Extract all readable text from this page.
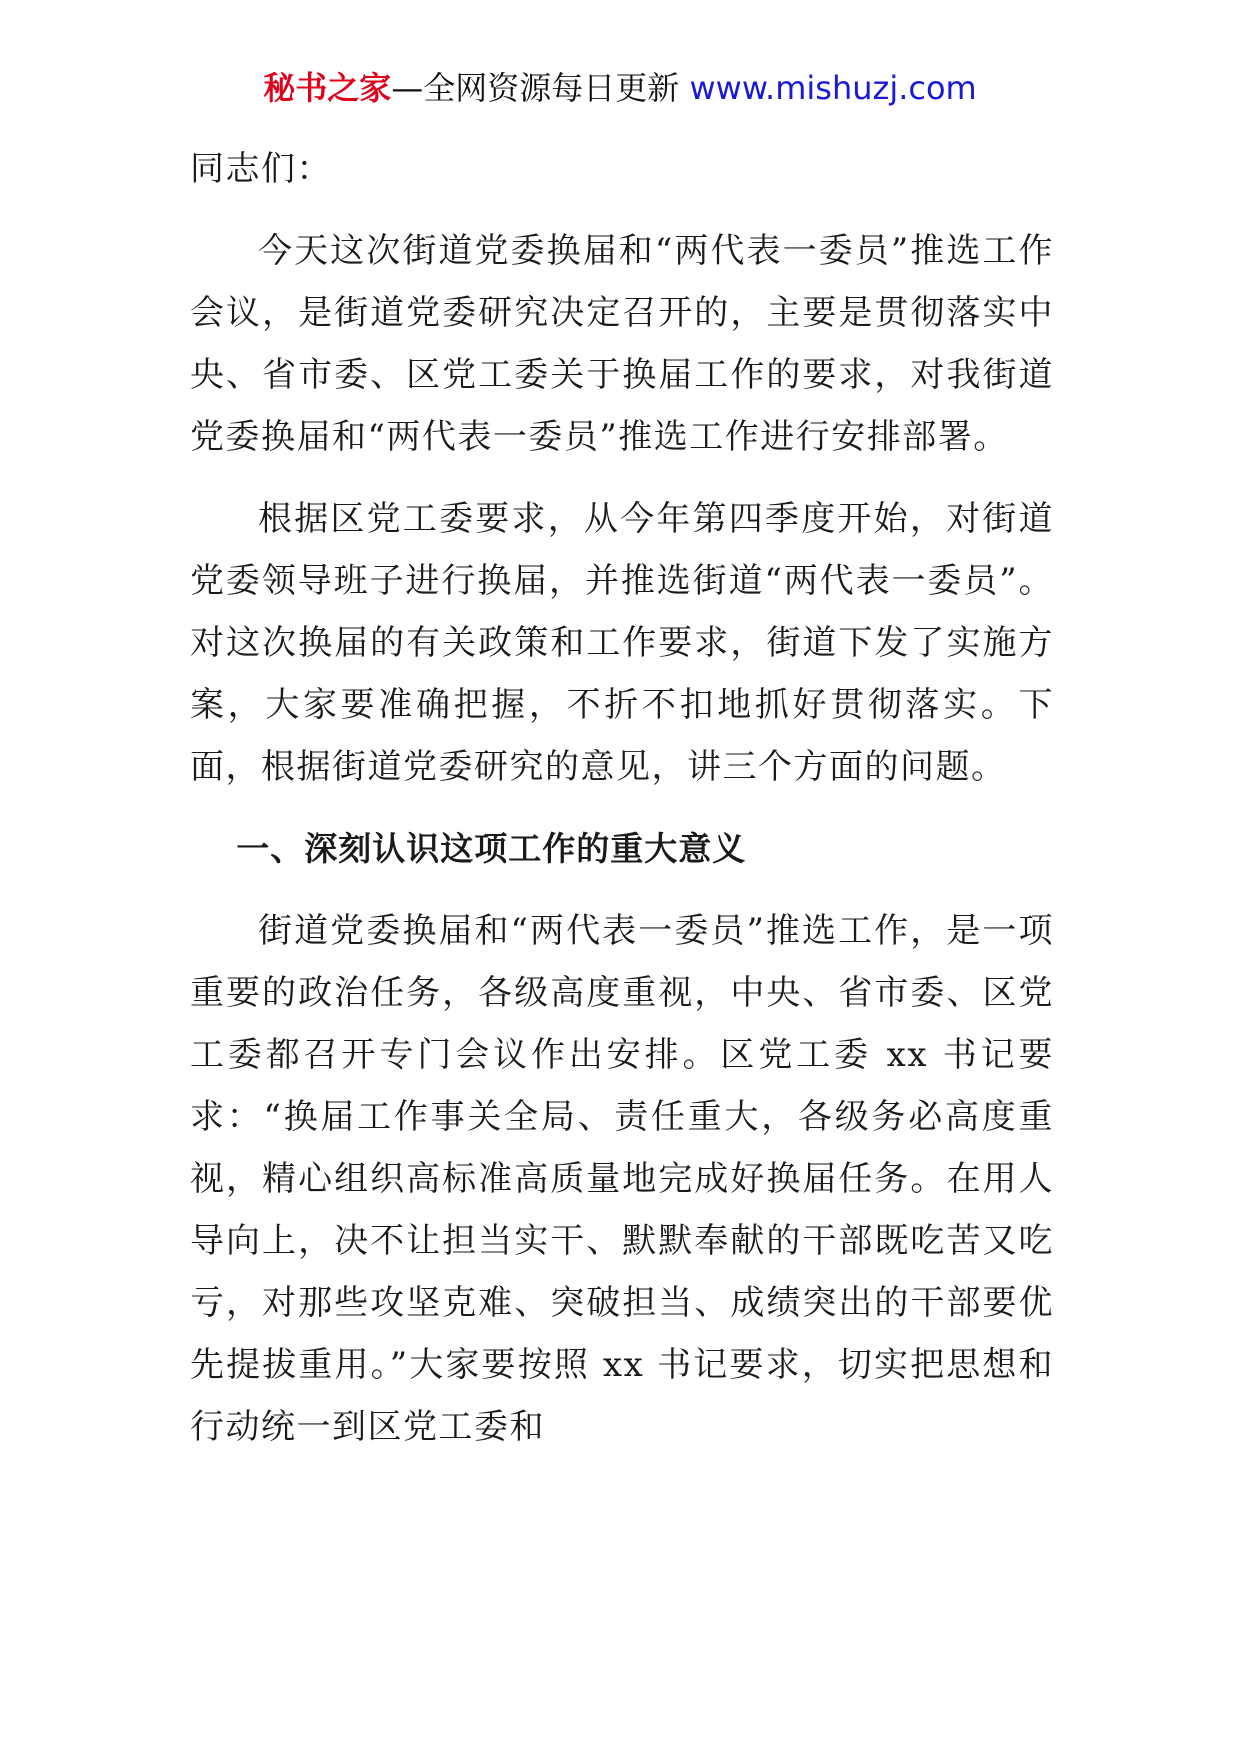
秘书之家—全网资源每日更新 www.mishuzj.com

同志们：

今天这次街道党委换届和“两代表一委员”推选工作会议，是街道党委研究决定召开的，主要是贯彻落实中央、省市委、区党工委关于换届工作的要求，对我街道党委换届和“两代表一委员”推选工作进行安排部署。

根据区党工委要求，从今年第四季度开始，对街道党委领导班子进行换届，并推选街道“两代表一委员”。对这次换届的有关政策和工作要求，街道下发了实施方案，大家要准确把握，不折不扣地抓好贯彻落实。下面，根据街道党委研究的意见，讲三个方面的问题。

一、深刻认识这项工作的重大意义

街道党委换届和“两代表一委员”推选工作，是一项重要的政治任务，各级高度重视，中央、省市委、区党工委都召开专门会议作出安排。区党工委 xx 书记要求：“换届工作事关全局、责任重大，各级务必高度重视，精心组织高标准高质量地完成好换届任务。在用人导向上，决不让担当实干、默默奉献的干部既吃苦又吃亏，对那些攻坚克难、突破担当、成绩突出的干部要优先提拔重用。”大家要按照 xx 书记要求，切实把思想和行动统一到区党工委和
